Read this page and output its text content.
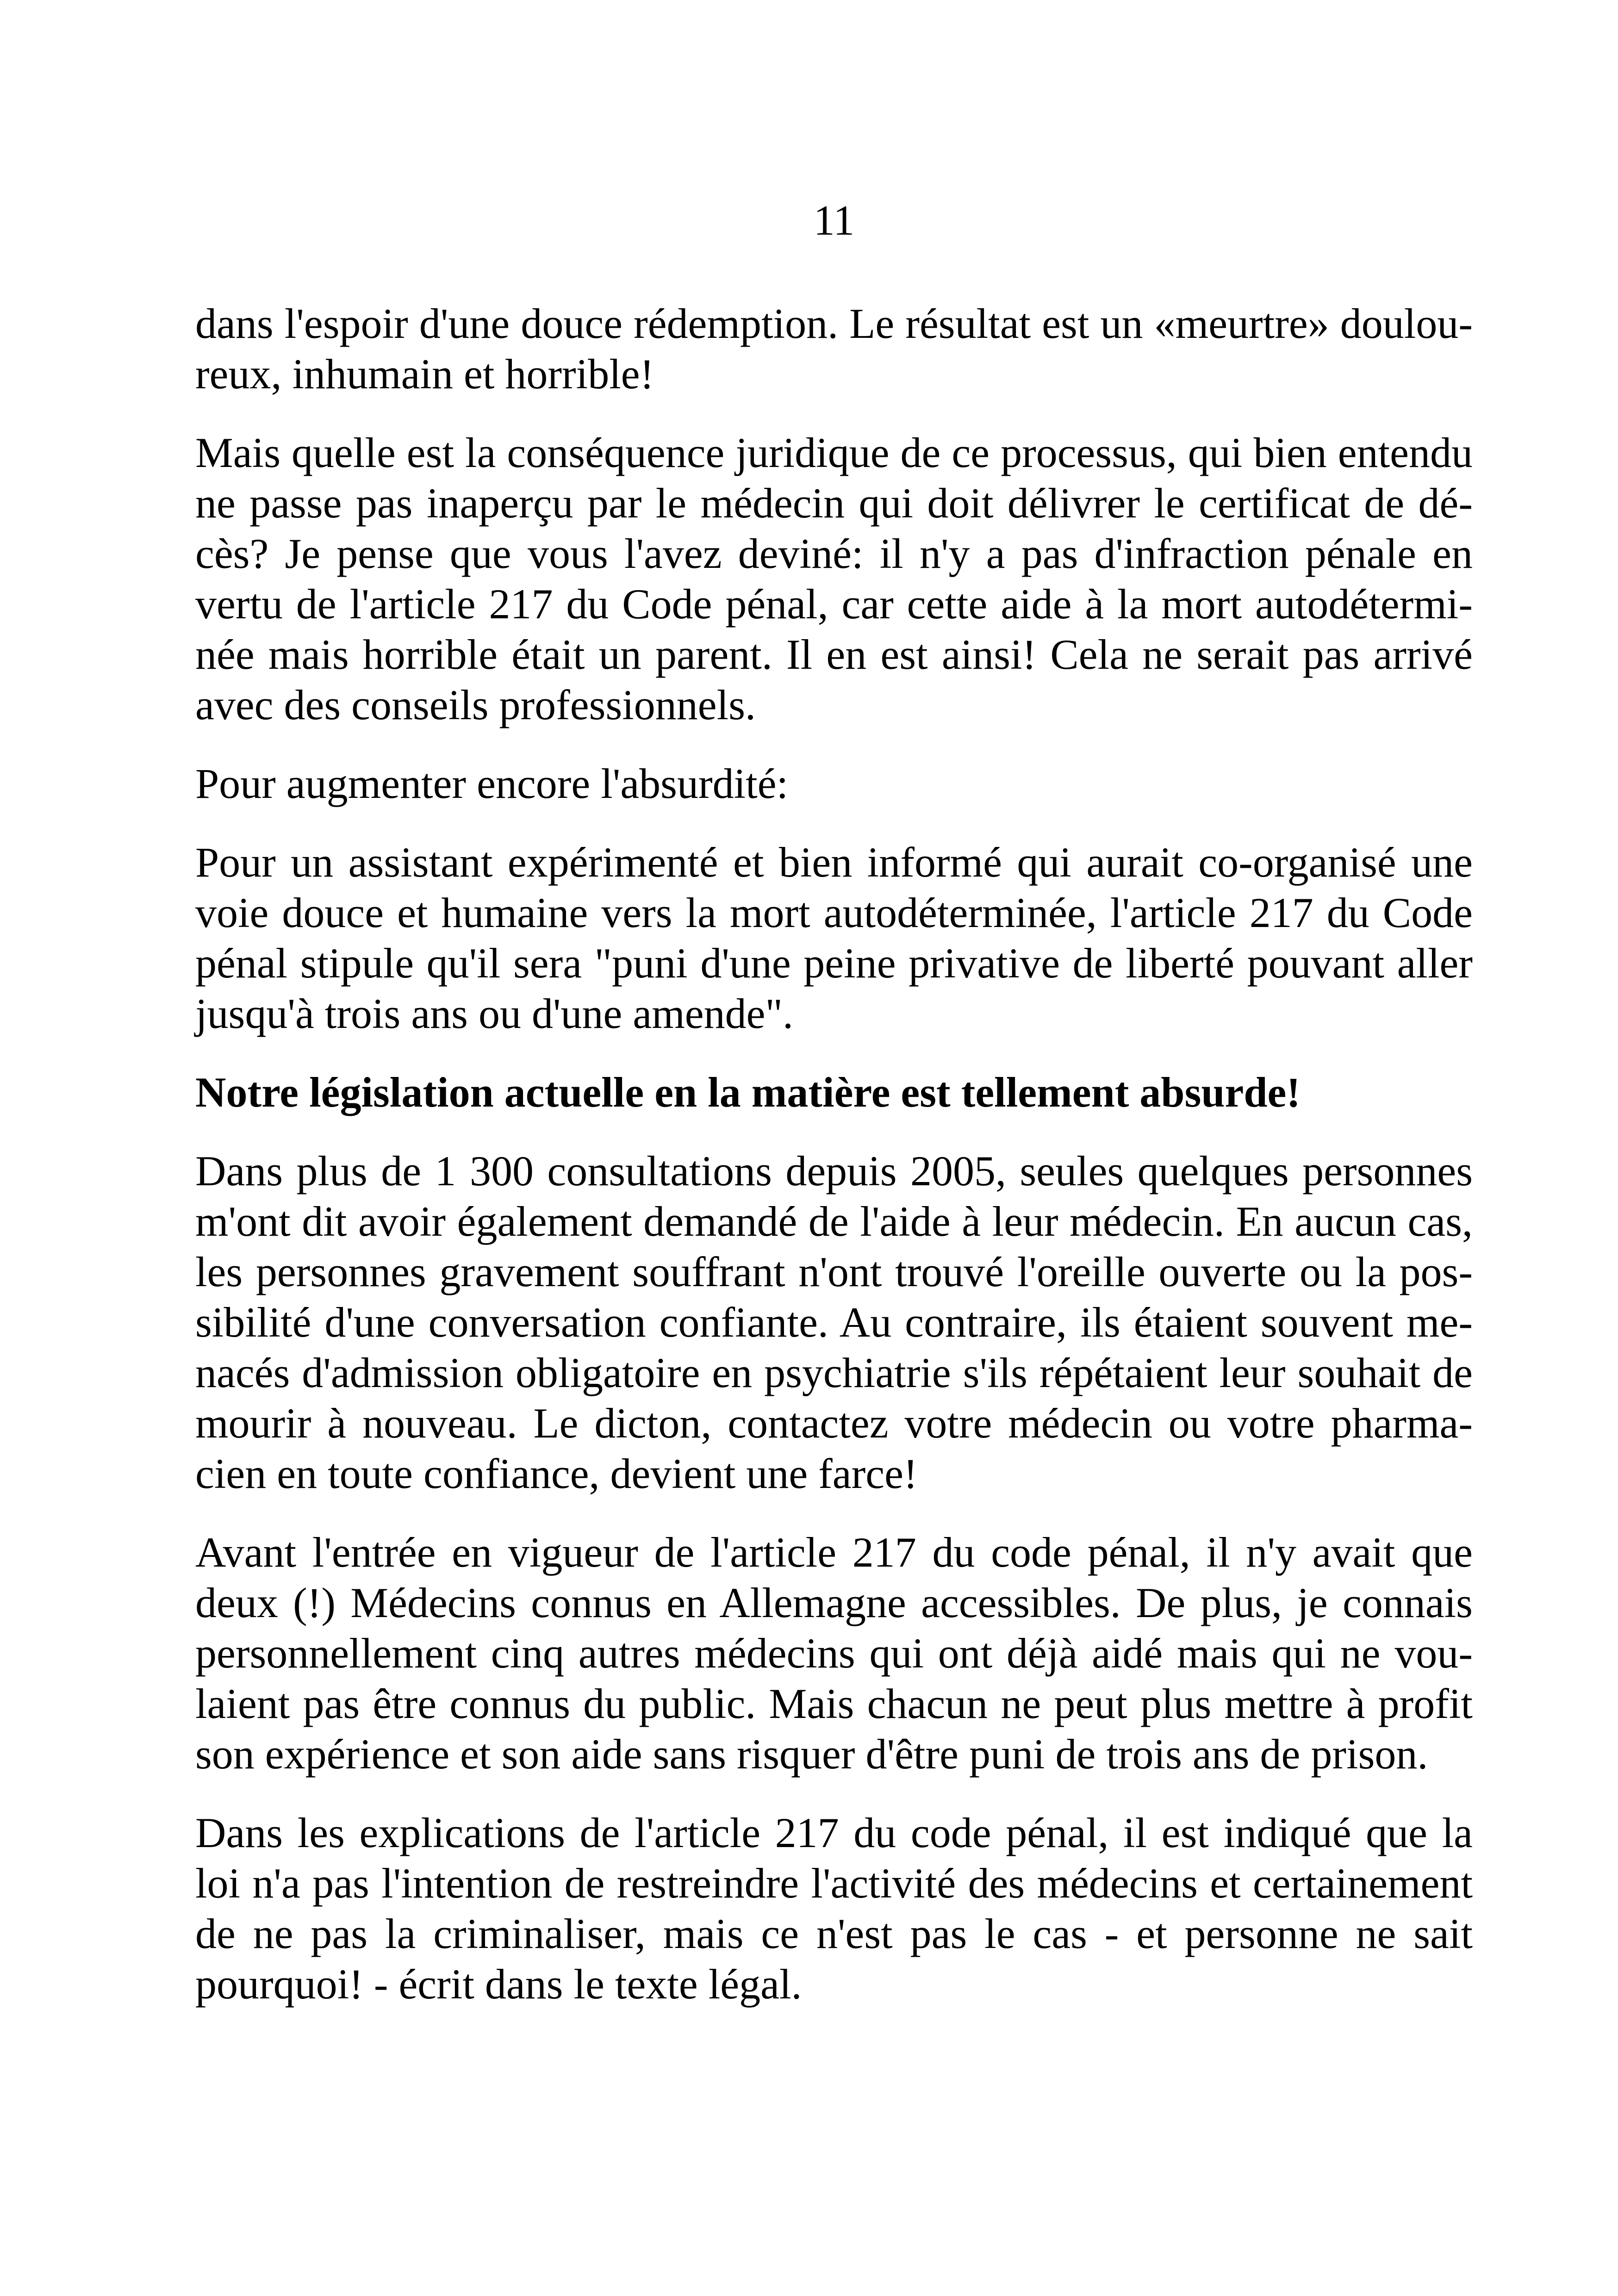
11
dans l'espoir d'une douce rédemption. Le résultat est un «meurtre» doulou-
reux, inhumain et horrible!
Mais quelle est la conséquence juridique de ce processus, qui bien entendu
ne passe pas inaperçu par le médecin qui doit délivrer le certificat de dé-
cès? Je pense que vous l'avez deviné: il n'y a pas d'infraction pénale en
vertu de l'article 217 du Code pénal, car cette aide à la mort autodétermi-
née mais horrible était un parent. Il en est ainsi! Cela ne serait pas arrivé
avec des conseils professionnels.
Pour augmenter encore l'absurdité:
Pour un assistant expérimenté et bien informé qui aurait co-organisé une
voie douce et humaine vers la mort autodéterminée, l'article 217 du Code
pénal stipule qu'il sera "puni d'une peine privative de liberté pouvant aller
jusqu'à trois ans ou d'une amende".
Notre législation actuelle en la matière est tellement absurde!
Dans plus de 1 300 consultations depuis 2005, seules quelques personnes
m'ont dit avoir également demandé de l'aide à leur médecin. En aucun cas,
les personnes gravement souffrant n'ont trouvé l'oreille ouverte ou la pos-
sibilité d'une conversation confiante. Au contraire, ils étaient souvent me-
nacés d'admission obligatoire en psychiatrie s'ils répétaient leur souhait de
mourir à nouveau. Le dicton, contactez votre médecin ou votre pharma-
cien en toute confiance, devient une farce!
Avant l'entrée en vigueur de l'article 217 du code pénal, il n'y avait que
deux (!) Médecins connus en Allemagne accessibles. De plus, je connais
personnellement cinq autres médecins qui ont déjà aidé mais qui ne vou-
laient pas être connus du public. Mais chacun ne peut plus mettre à profit
son expérience et son aide sans risquer d'être puni de trois ans de prison.
Dans les explications de l'article 217 du code pénal, il est indiqué que la
loi n'a pas l'intention de restreindre l'activité des médecins et certainement
de ne pas la criminaliser, mais ce n'est pas le cas - et personne ne sait
pourquoi! - écrit dans le texte légal.
